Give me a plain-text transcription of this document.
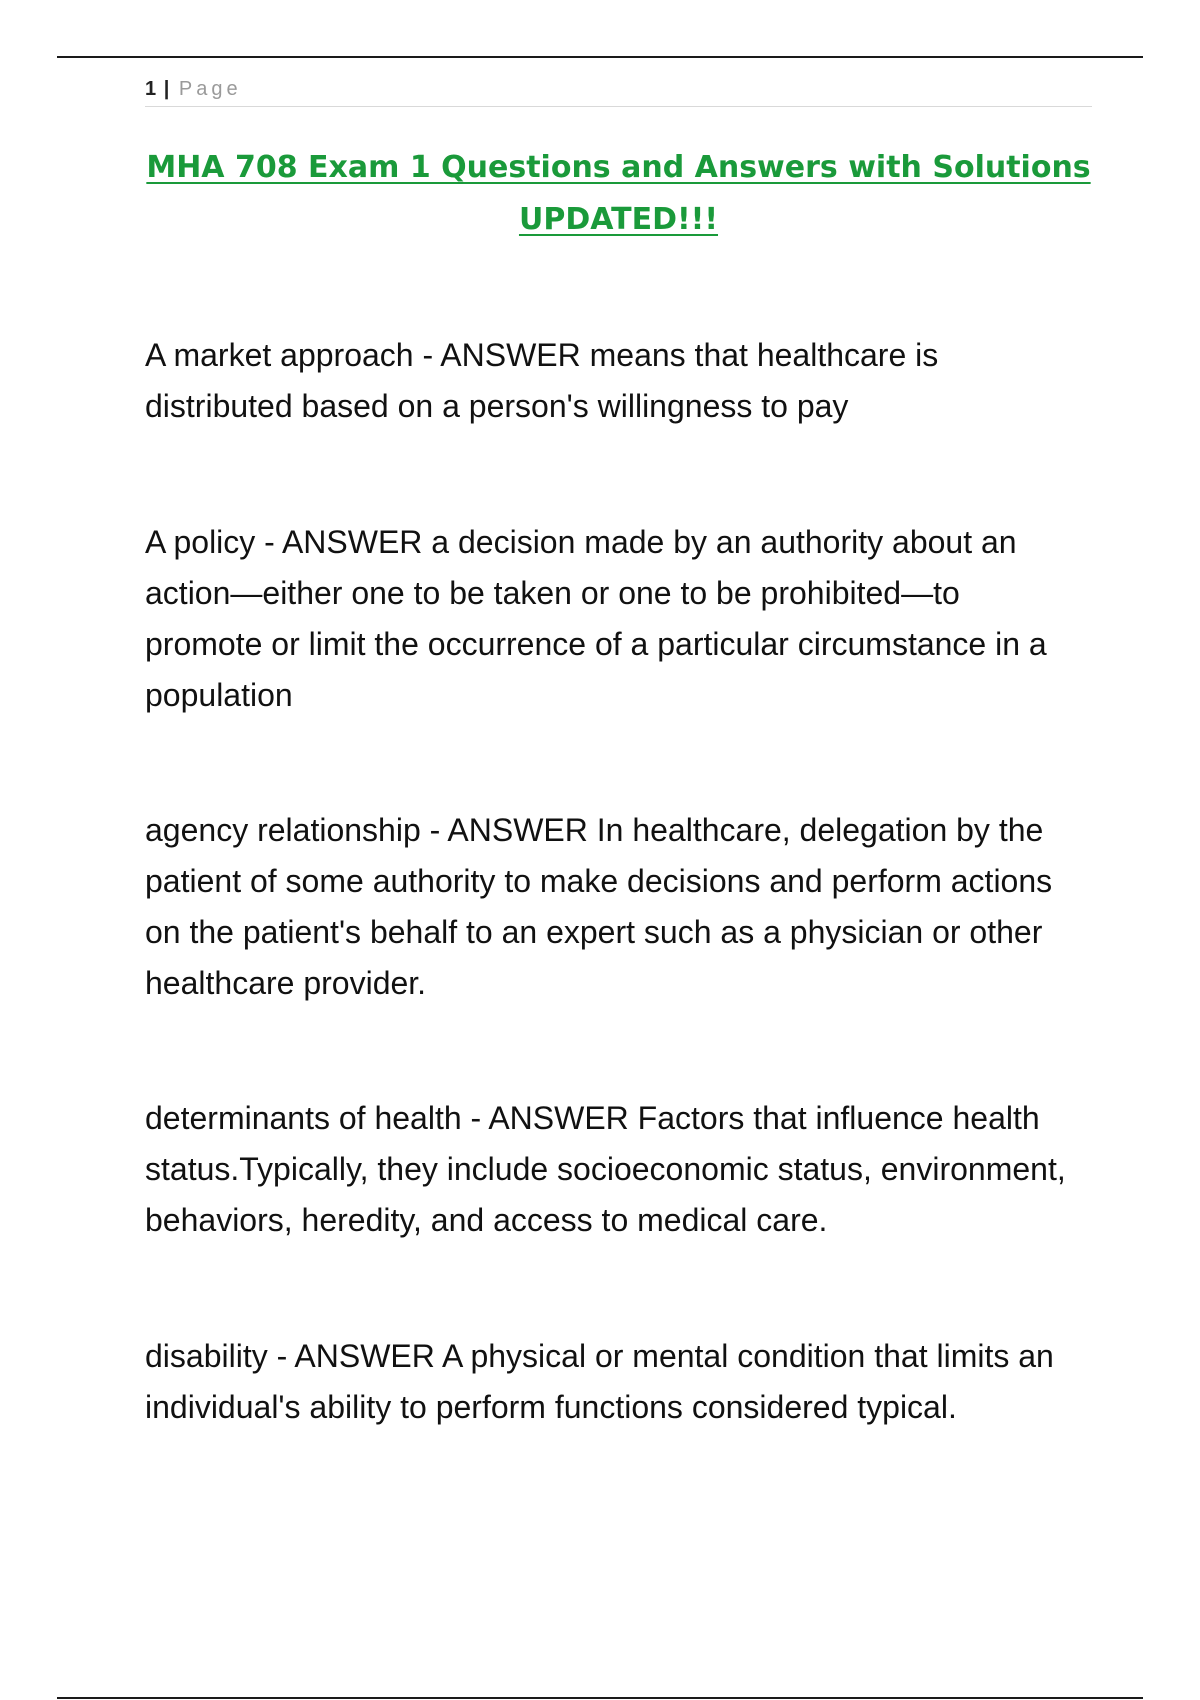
1 | Page
MHA 708 Exam 1 Questions and Answers with Solutions UPDATED!!!

A market approach - ANSWER means that healthcare is distributed based on a person's willingness to pay

A policy - ANSWER a decision made by an authority about an action—either one to be taken or one to be prohibited—to promote or limit the occurrence of a particular circumstance in a population

agency relationship - ANSWER In healthcare, delegation by the patient of some authority to make decisions and perform actions on the patient's behalf to an expert such as a physician or other healthcare provider.

determinants of health - ANSWER Factors that influence health status.Typically, they include socioeconomic status, environment, behaviors, heredity, and access to medical care.

disability - ANSWER A physical or mental condition that limits an individual's ability to perform functions considered typical.
